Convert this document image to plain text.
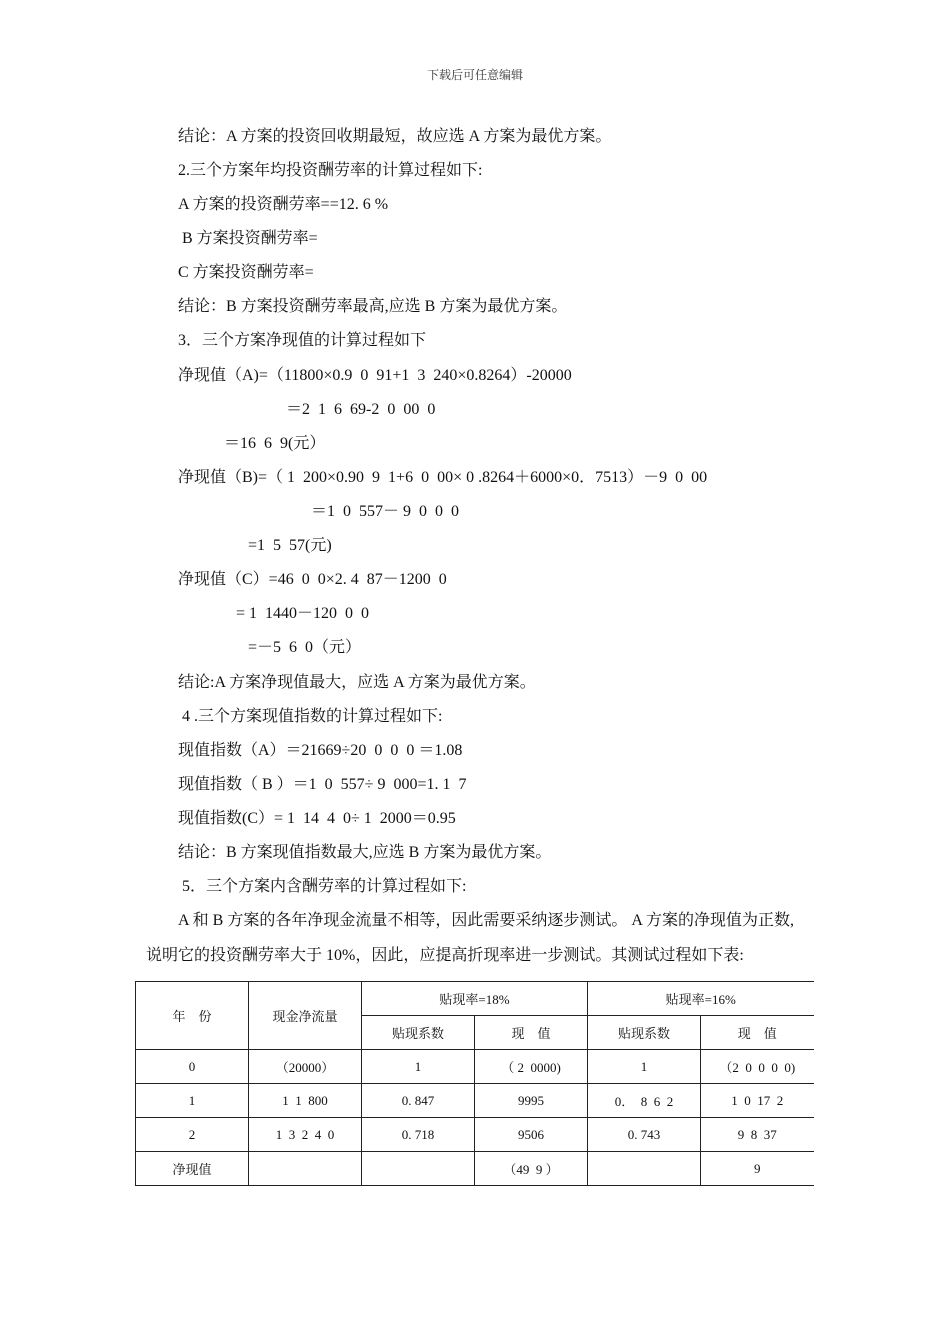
下载后可任意编辑
结论：A 方案的投资回收期最短，故应选 A 方案为最优方案。
2.三个方案年均投资酬劳率的计算过程如下:
A 方案的投资酬劳率==12. 6 %
B 方案投资酬劳率=
C 方案投资酬劳率=
结论：B 方案投资酬劳率最高,应选 B 方案为最优方案。
3．三个方案净现值的计算过程如下
净现值（A)=（11800×0.9  0  91+1  3  240×0.8264）-20000
＝2  1  6  69-2  0  00  0
＝16  6  9(元）
净现值（B)=（ 1  200×0.90  9  1+6  0  00× 0 .8264＋6000×0．7513）－9  0  00
＝1  0  557－ 9  0  0  0
=1  5  57(元)
净现值（C）=46  0  0×2. 4  87－1200  0
= 1  1440－120  0  0
=－5  6  0（元）
结论:A 方案净现值最大，应选 A 方案为最优方案。
4 .三个方案现值指数的计算过程如下:
现值指数（A）＝21669÷20  0  0  0 ＝1.08
现值指数（ B ）＝1  0  557÷ 9  000=1. 1  7
现值指数(C）= 1  14  4  0÷ 1  2000＝0.95
结论：B 方案现值指数最大,应选 B 方案为最优方案。
5．三个方案内含酬劳率的计算过程如下:
A 和 B 方案的各年净现金流量不相等，因此需要采纳逐步测试。 A 方案的净现值为正数,
说明它的投资酬劳率大于 10%，因此，应提高折现率进一步测试。其测试过程如下表:
年    份	现金净流量	贴现率=18%		贴现率=16%	
		贴现系数	现    值	贴现系数	现    值
0	（20000）	1	（ 2  0000)	1	（2  0  0  0  0)
1	1  1  800	0. 847	9995	0．  8  6  2	1  0  17  2
2	1  3  2  4  0	0. 718	9506	0. 743	9  8  37
净现值			（49  9 ）		9
